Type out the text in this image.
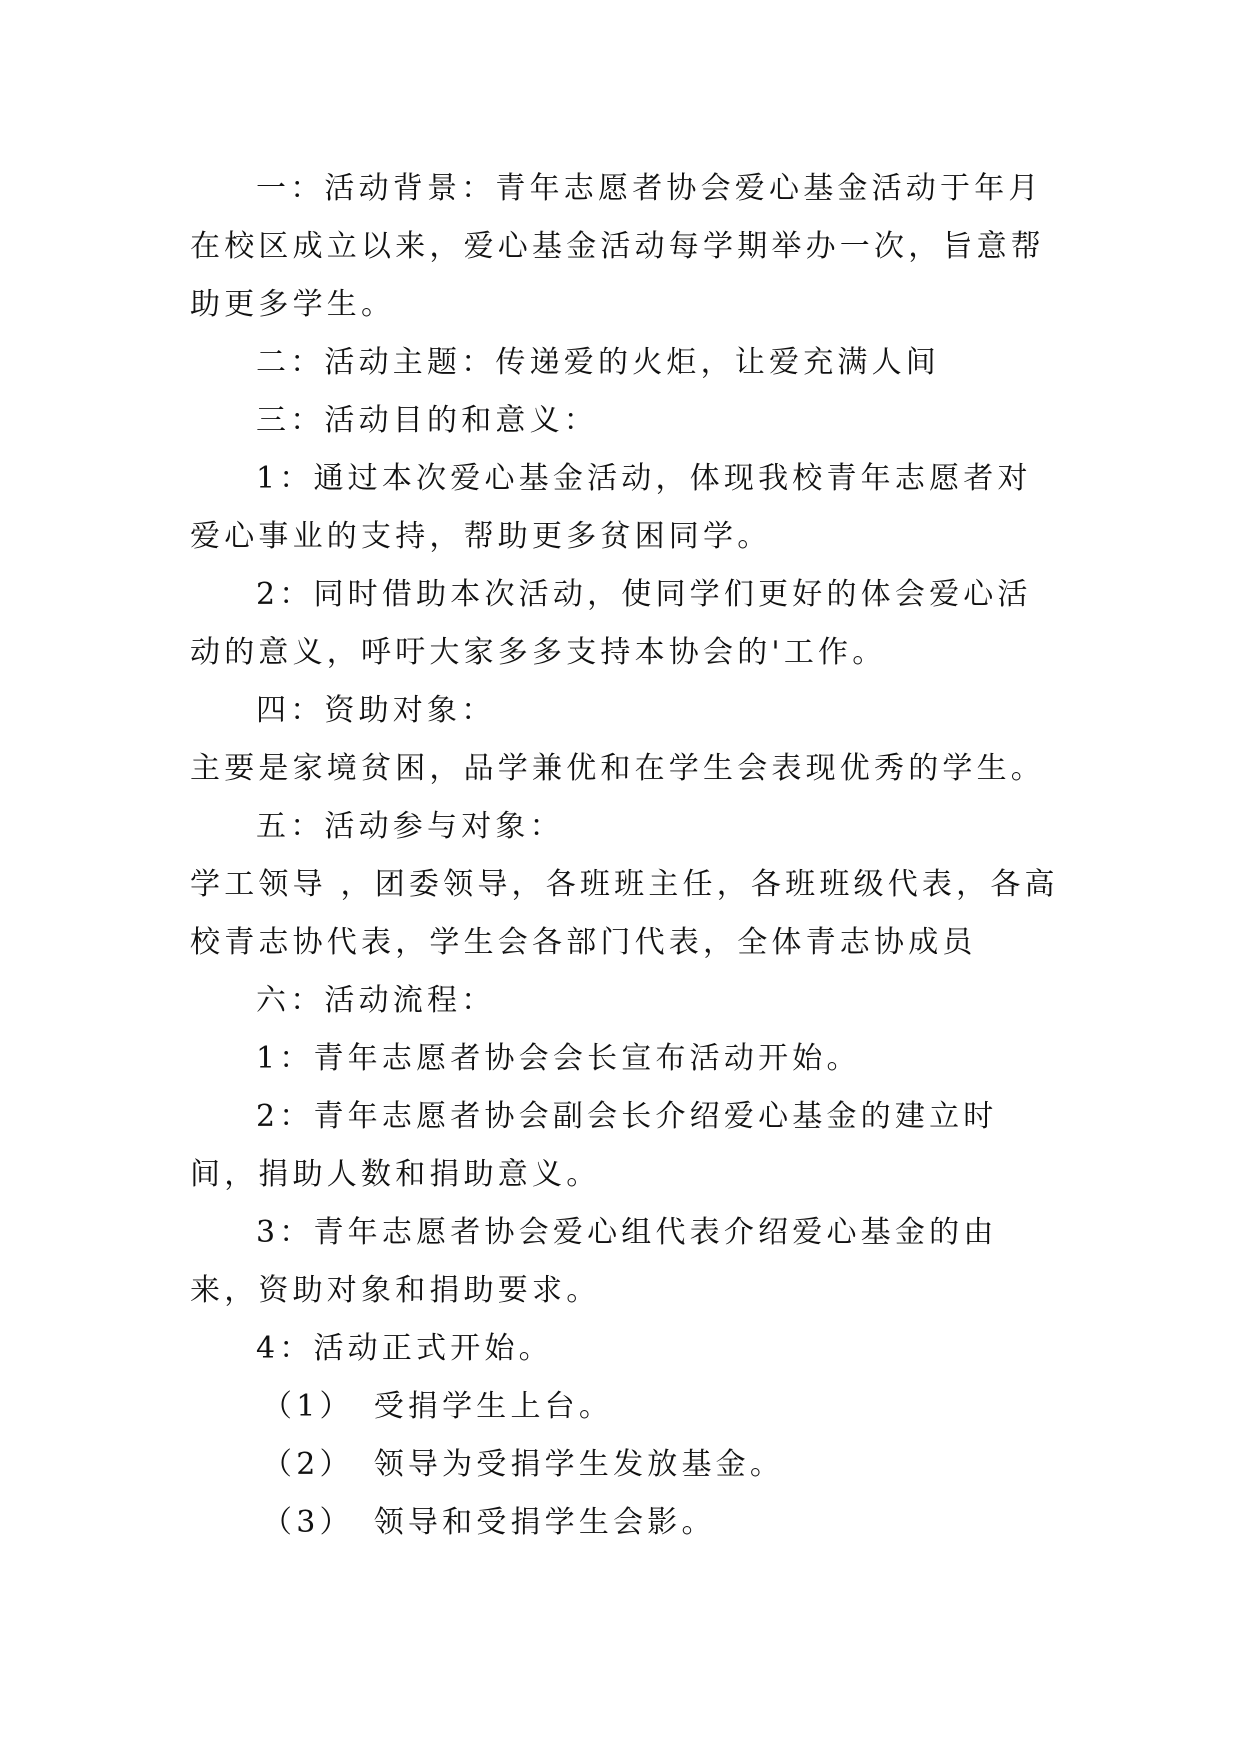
一：活动背景：青年志愿者协会爱心基金活动于年月在校区成立以来，爱心基金活动每学期举办一次，旨意帮助更多学生。

二：活动主题：传递爱的火炬，让爱充满人间

三：活动目的和意义：

1：通过本次爱心基金活动，体现我校青年志愿者对爱心事业的支持，帮助更多贫困同学。

2：同时借助本次活动，使同学们更好的体会爱心活动的意义，呼吁大家多多支持本协会的'工作。

四：资助对象：

主要是家境贫困，品学兼优和在学生会表现优秀的学生。

五：活动参与对象：

学工领导 ，团委领导，各班班主任，各班班级代表，各高校青志协代表，学生会各部门代表，全体青志协成员

六：活动流程：

1：青年志愿者协会会长宣布活动开始。

2：青年志愿者协会副会长介绍爱心基金的建立时间，捐助人数和捐助意义。

3：青年志愿者协会爱心组代表介绍爱心基金的由来，资助对象和捐助要求。

4：活动正式开始。

（1） 受捐学生上台。

（2） 领导为受捐学生发放基金。

（3） 领导和受捐学生会影。
